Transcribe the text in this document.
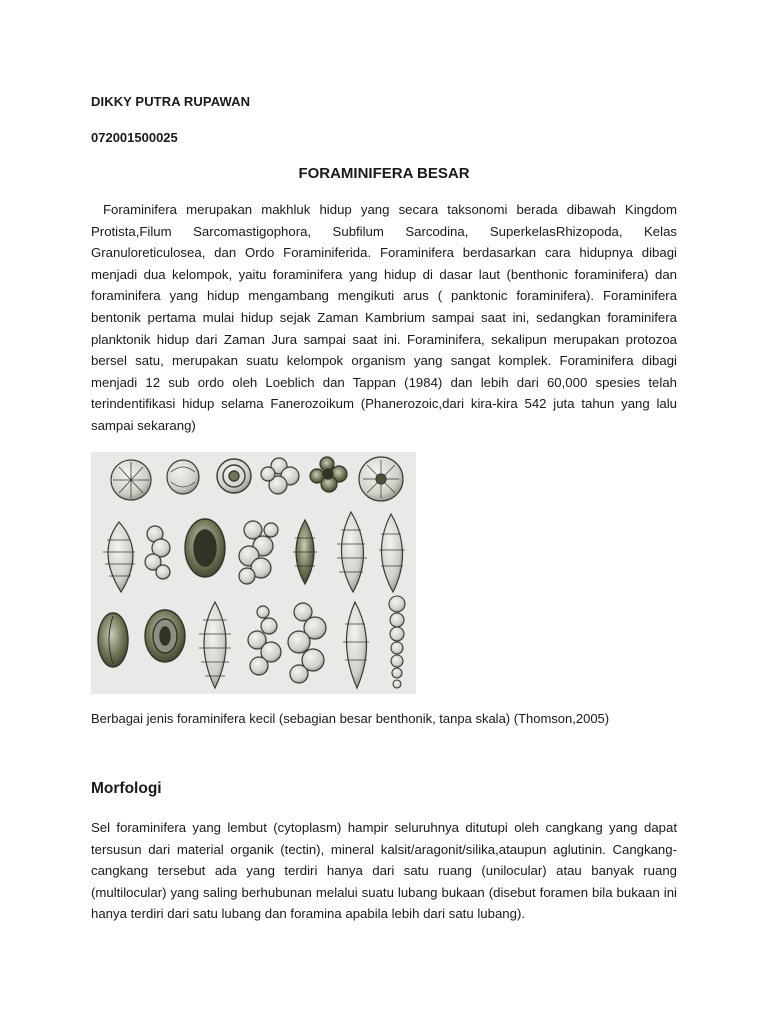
DIKKY PUTRA RUPAWAN
072001500025
FORAMINIFERA BESAR

Foraminifera merupakan makhluk hidup yang secara taksonomi berada dibawah Kingdom Protista,Filum Sarcomastigophora, Subfilum Sarcodina, SuperkelasRhizopoda, Kelas Granuloreticulosea, dan Ordo Foraminiferida. Foraminifera berdasarkan cara hidupnya dibagi menjadi dua kelompok, yaitu foraminifera yang hidup di dasar laut (benthonic foraminifera) dan foraminifera yang hidup mengambang mengikuti arus ( panktonic foraminifera). Foraminifera bentonik pertama mulai hidup sejak Zaman Kambrium sampai saat ini, sedangkan foraminifera planktonik hidup dari Zaman Jura sampai saat ini. Foraminifera, sekalipun merupakan protozoa bersel satu, merupakan suatu kelompok organism yang sangat komplek. Foraminifera dibagi menjadi 12 sub ordo oleh Loeblich dan Tappan (1984) dan lebih dari 60,000 spesies telah terindentifikasi hidup selama Fanerozoikum (Phanerozoic,dari kira-kira 542 juta tahun yang lalu sampai sekarang)

Berbagai jenis foraminifera kecil (sebagian besar benthonik, tanpa skala) (Thomson,2005)
Morfologi

Sel foraminifera yang lembut (cytoplasm) hampir seluruhnya ditutupi oleh cangkang yang dapat tersusun dari material organik (tectin), mineral kalsit/aragonit/silika,ataupun aglutinin. Cangkang-cangkang tersebut ada yang terdiri hanya dari satu ruang (unilocular) atau banyak ruang (multilocular) yang saling berhubunan melalui suatu lubang bukaan (disebut foramen bila bukaan ini hanya terdiri dari satu lubang dan foramina apabila lebih dari satu lubang).
